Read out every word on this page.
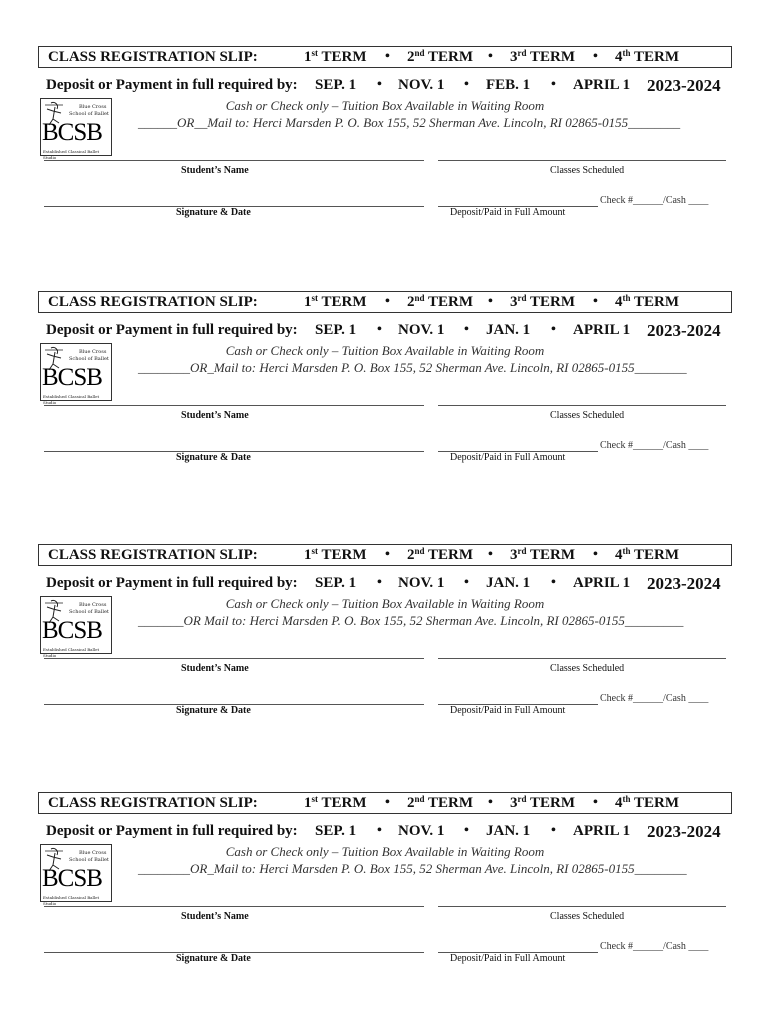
CLASS REGISTRATION SLIP:	1st TERM • 2nd TERM • 3rd TERM • 4th TERM
Deposit or Payment in full required by: SEP. 1 • NOV. 1 • FEB. 1 • APRIL 1 2023-2024
Blue Cross
School of Ballet
BCSB
Established Classical Ballet Studio
Cash or Check only – Tuition Box Available in Waiting Room
______OR__Mail to: Herci Marsden P. O. Box 155, 52 Sherman Ave. Lincoln, RI 02865-0155________
Student’s Name	Classes Scheduled
Check #______/Cash ____
Signature & Date	Deposit/Paid in Full Amount
CLASS REGISTRATION SLIP:	1st TERM • 2nd TERM • 3rd TERM • 4th TERM
Deposit or Payment in full required by: SEP. 1 • NOV. 1 • JAN. 1 • APRIL 1 2023-2024
Blue Cross
School of Ballet
BCSB
Established Classical Ballet Studio
Cash or Check only – Tuition Box Available in Waiting Room
________OR_Mail to: Herci Marsden P. O. Box 155, 52 Sherman Ave. Lincoln, RI 02865-0155________
Student’s Name	Classes Scheduled
Check #______/Cash ____
Signature & Date	Deposit/Paid in Full Amount
CLASS REGISTRATION SLIP:	1st TERM • 2nd TERM • 3rd TERM • 4th TERM
Deposit or Payment in full required by: SEP. 1 • NOV. 1 • JAN. 1 • APRIL 1 2023-2024
Blue Cross
School of Ballet
BCSB
Established Classical Ballet Studio
Cash or Check only – Tuition Box Available in Waiting Room
_______OR Mail to: Herci Marsden P. O. Box 155, 52 Sherman Ave. Lincoln, RI 02865-0155_________
Student’s Name	Classes Scheduled
Check #______/Cash ____
Signature & Date	Deposit/Paid in Full Amount
CLASS REGISTRATION SLIP:	1st TERM • 2nd TERM • 3rd TERM • 4th TERM
Deposit or Payment in full required by: SEP. 1 • NOV. 1 • JAN. 1 • APRIL 1 2023-2024
Blue Cross
School of Ballet
BCSB
Established Classical Ballet Studio
Cash or Check only – Tuition Box Available in Waiting Room
________OR_Mail to: Herci Marsden P. O. Box 155, 52 Sherman Ave. Lincoln, RI 02865-0155________
Student’s Name	Classes Scheduled
Check #______/Cash ____
Signature & Date	Deposit/Paid in Full Amount
